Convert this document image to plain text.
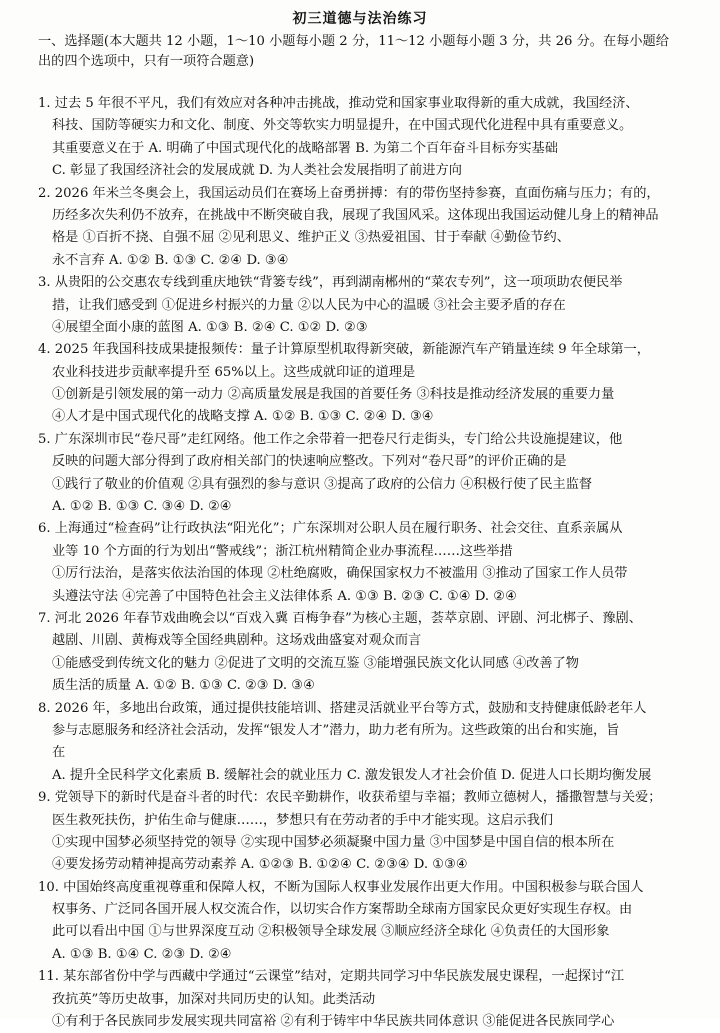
初三道德与法治练习
一、选择题(本大题共 12 小题，1～10 小题每小题 2 分，11～12 小题每小题 3 分，共 26 分。在每小题给
出的四个选项中，只有一项符合题意)
1. 过去 5 年很不平凡，我们有效应对各种冲击挑战，推动党和国家事业取得新的重大成就，我国经济、
科技、国防等硬实力和文化、制度、外交等软实力明显提升，在中国式现代化进程中具有重要意义。
其重要意义在于 A. 明确了中国式现代化的战略部署 B. 为第二个百年奋斗目标夯实基础
C. 彰显了我国经济社会的发展成就 D. 为人类社会发展指明了前进方向
2. 2026 年米兰冬奥会上，我国运动员们在赛场上奋勇拼搏：有的带伤坚持参赛，直面伤痛与压力；有的，
历经多次失利仍不放弃，在挑战中不断突破自我，展现了我国风采。这体现出我国运动健儿身上的精神品
格是 ①百折不挠、自强不屈 ②见利思义、维护正义 ③热爱祖国、甘于奉献 ④勤俭节约、
永不言弃 A. ①② B. ①③ C. ②④ D. ③④
3. 从贵阳的公交惠农专线到重庆地铁“背篓专线”，再到湖南郴州的“菜农专列”，这一项项助农便民举
措，让我们感受到 ①促进乡村振兴的力量 ②以人民为中心的温暖 ③社会主要矛盾的存在
④展望全面小康的蓝图 A. ①③ B. ②④ C. ①② D. ②③
4. 2025 年我国科技成果捷报频传：量子计算原型机取得新突破，新能源汽车产销量连续 9 年全球第一，
农业科技进步贡献率提升至 65%以上。这些成就印证的道理是
①创新是引领发展的第一动力 ②高质量发展是我国的首要任务 ③科技是推动经济发展的重要力量
④人才是中国式现代化的战略支撑 A. ①② B. ①③ C. ②④ D. ③④
5. 广东深圳市民“卷尺哥”走红网络。他工作之余带着一把卷尺行走街头，专门给公共设施提建议，他
反映的问题大部分得到了政府相关部门的快速响应整改。下列对“卷尺哥”的评价正确的是
①践行了敬业的价值观 ②具有强烈的参与意识 ③提高了政府的公信力 ④积极行使了民主监督
A. ①② B. ①③ C. ③④ D. ②④
6. 上海通过“检查码”让行政执法“阳光化”；广东深圳对公职人员在履行职务、社会交往、直系亲属从
业等 10 个方面的行为划出“警戒线”；浙江杭州精简企业办事流程……这些举措
①厉行法治，是落实依法治国的体现 ②杜绝腐败，确保国家权力不被滥用 ③推动了国家工作人员带
头遵法守法 ④完善了中国特色社会主义法律体系 A. ①③ B. ②③ C. ①④ D. ②④
7. 河北 2026 年春节戏曲晚会以“百戏入冀 百梅争春”为核心主题，荟萃京剧、评剧、河北梆子、豫剧、
越剧、川剧、黄梅戏等全国经典剧种。这场戏曲盛宴对观众而言
①能感受到传统文化的魅力 ②促进了文明的交流互鉴 ③能增强民族文化认同感 ④改善了物
质生活的质量 A. ①② B. ①③ C. ②③ D. ③④
8. 2026 年，多地出台政策，通过提供技能培训、搭建灵活就业平台等方式，鼓励和支持健康低龄老年人
参与志愿服务和经济社会活动，发挥“银发人才”潜力，助力老有所为。这些政策的出台和实施，旨
在
A. 提升全民科学文化素质 B. 缓解社会的就业压力 C. 激发银发人才社会价值 D. 促进人口长期均衡发展
9. 党领导下的新时代是奋斗者的时代：农民辛勤耕作，收获希望与幸福；教师立德树人，播撒智慧与关爱；
医生救死扶伤，护佑生命与健康……，梦想只有在劳动者的手中才能实现。这启示我们
①实现中国梦必须坚持党的领导 ②实现中国梦必须凝聚中国力量 ③中国梦是中国自信的根本所在
④要发扬劳动精神提高劳动素养 A. ①②③ B. ①②④ C. ②③④ D. ①③④
10. 中国始终高度重视尊重和保障人权，不断为国际人权事业发展作出更大作用。中国积极参与联合国人
权事务、广泛同各国开展人权交流合作，以切实合作方案帮助全球南方国家民众更好实现生存权。由
此可以看出中国 ①与世界深度互动 ②积极领导全球发展 ③顺应经济全球化 ④负责任的大国形象
A. ①③ B. ①④ C. ②③ D. ②④
11. 某东部省份中学与西藏中学通过“云课堂”结对，定期共同学习中华民族发展史课程，一起探讨“江
孜抗英”等历史故事，加深对共同历史的认知。此类活动
①有利于各民族同步发展实现共同富裕 ②有利于铸牢中华民族共同体意识 ③能促进各民族同学心
